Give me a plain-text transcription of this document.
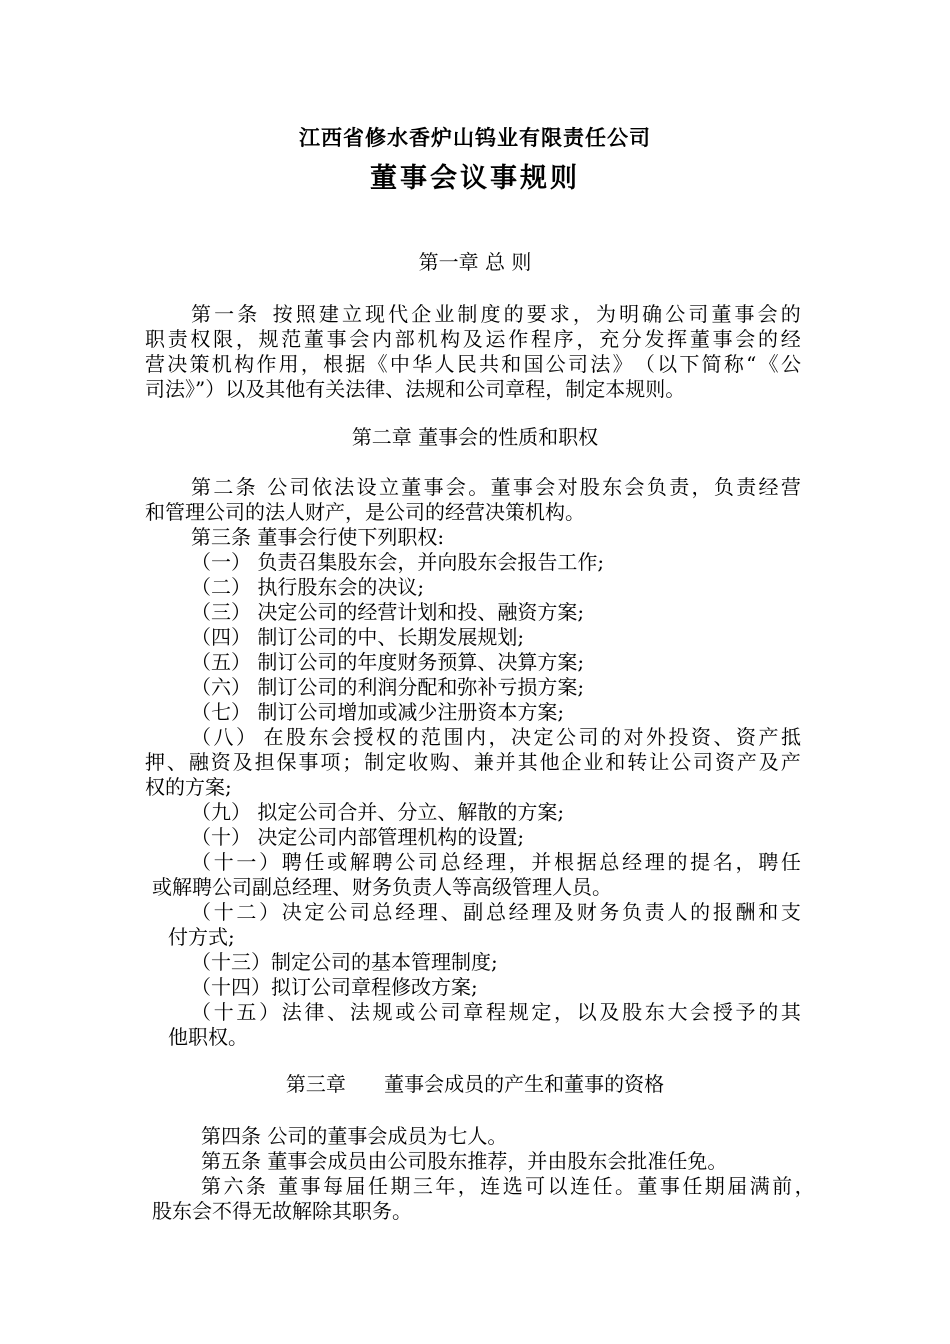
江西省修水香炉山钨业有限责任公司
董事会议事规则
第一章 总 则
第 一 条 按 照 建 立 现 代 企 业 制 度 的 要 求 ， 为 明 确 公 司 董 事 会 的
职 责 权 限 ， 规 范 董 事 会 内 部 机 构 及 运 作 程 序 ， 充 分 发 挥 董 事 会 的 经
营 决 策 机 构 作 用 ， 根 据 《 中 华 人 民 共 和 国 公 司 法 》 （ 以 下 简 称 “ 《 公
司法》”）以及其他有关法律、法规和公司章程，制定本规则。
第二章 董事会的性质和职权
第 二 条 公 司 依 法 设 立 董 事 会 。 董 事 会 对 股 东 会 负 责 ， 负 责 经 营
和管理公司的法人财产，是公司的经营决策机构。
第三条 董事会行使下列职权:
（一） 负责召集股东会，并向股东会报告工作;
（二） 执行股东会的决议;
（三） 决定公司的经营计划和投、融资方案;
（四） 制订公司的中、长期发展规划;
（五） 制订公司的年度财务预算、决算方案;
（六） 制订公司的利润分配和弥补亏损方案;
（七） 制订公司增加或减少注册资本方案;
（ 八 ） 在 股 东 会 授 权 的 范 围 内 ， 决 定 公 司 的 对 外 投 资 、 资 产 抵
押 、 融 资 及 担 保 事 项 ； 制 定 收 购 、 兼 并 其 他 企 业 和 转 让 公 司 资 产 及 产
权的方案;
（九） 拟定公司合并、分立、解散的方案;
（十） 决定公司内部管理机构的设置;
（ 十 一 ） 聘 任 或 解 聘 公 司 总 经 理 ， 并 根 据 总 经 理 的 提 名 ， 聘 任
或解聘公司副总经理、财务负责人等高级管理人员。
（ 十 二 ） 决 定 公 司 总 经 理 、 副 总 经 理 及 财 务 负 责 人 的 报 酬 和 支
付方式;
（十三）制定公司的基本管理制度;
（十四）拟订公司章程修改方案;
（ 十 五 ） 法 律 、 法 规 或 公 司 章 程 规 定 ， 以 及 股 东 大 会 授 予 的 其
他职权。
第三章      董事会成员的产生和董事的资格
第四条 公司的董事会成员为七人。
第五条 董事会成员由公司股东推荐，并由股东会批准任免。
第 六 条 董 事 每 届 任 期 三 年 ， 连 选 可 以 连 任 。 董 事 任 期 届 满 前 ，
股东会不得无故解除其职务。
